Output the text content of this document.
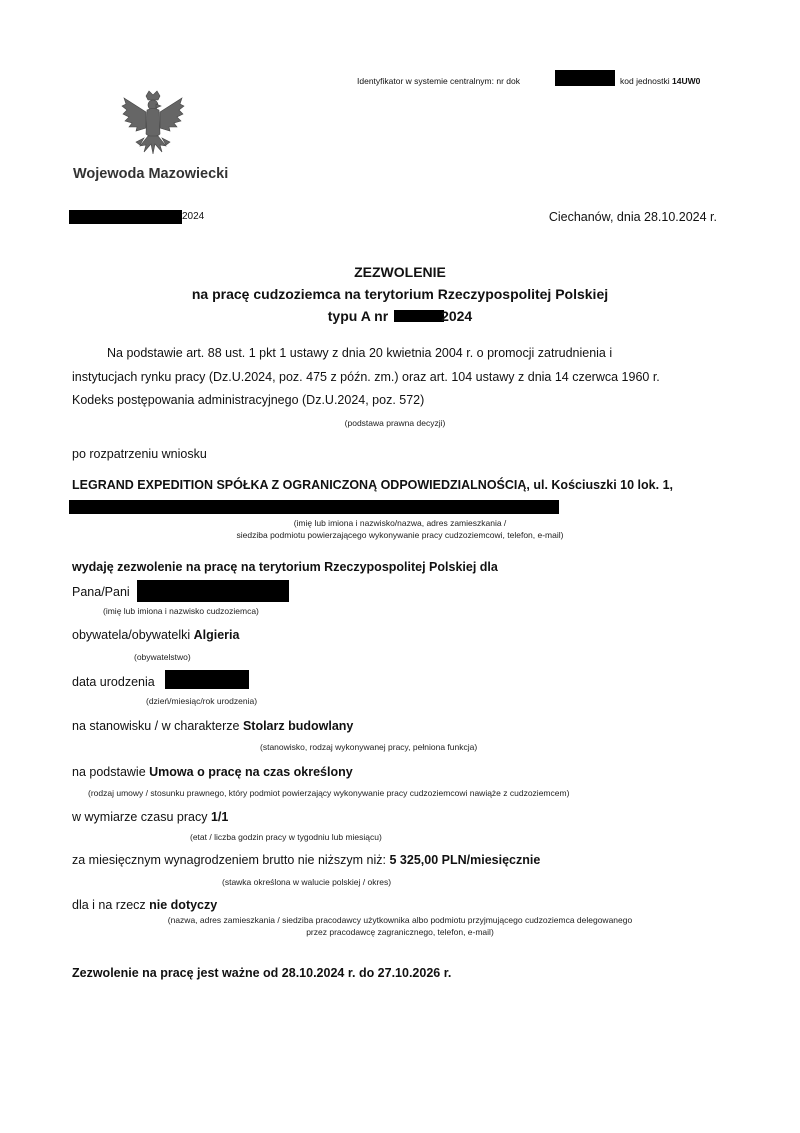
Identyfikator w systemie centralnym: nr dok	kod jednostki 14UW0
Wojewoda Mazowiecki
2024	Ciechanów, dnia 28.10.2024 r.
ZEZWOLENIE
na pracę cudzoziemca na terytorium Rzeczypospolitej Polskiej
typu A nr	2024
Na podstawie art. 88 ust. 1 pkt 1 ustawy z dnia 20 kwietnia 2004 r. o promocji zatrudnienia i
instytucjach rynku pracy (Dz.U.2024, poz. 475 z późn. zm.) oraz art. 104 ustawy z dnia 14 czerwca 1960 r.
Kodeks postępowania administracyjnego (Dz.U.2024, poz. 572)
(podstawa prawna decyzji)
po rozpatrzeniu wniosku
LEGRAND EXPEDITION SPÓŁKA Z OGRANICZONĄ ODPOWIEDZIALNOŚCIĄ, ul. Kościuszki 10 lok. 1,
(imię lub imiona i nazwisko/nazwa, adres zamieszkania /
siedziba podmiotu powierzającego wykonywanie pracy cudzoziemcowi, telefon, e-mail)
wydaję zezwolenie na pracę na terytorium Rzeczypospolitej Polskiej dla
Pana/Pani
(imię lub imiona i nazwisko cudzoziemca)
obywatela/obywatelki Algieria
(obywatelstwo)
data urodzenia
(dzień/miesiąc/rok urodzenia)
na stanowisku / w charakterze Stolarz budowlany
(stanowisko, rodzaj wykonywanej pracy, pełniona funkcja)
na podstawie Umowa o pracę na czas określony
(rodzaj umowy / stosunku prawnego, który podmiot powierzający wykonywanie pracy cudzoziemcowi nawiąże z cudzoziemcem)
w wymiarze czasu pracy 1/1
(etat / liczba godzin pracy w tygodniu lub miesiącu)
za miesięcznym wynagrodzeniem brutto nie niższym niż: 5 325,00 PLN/miesięcznie
(stawka określona w walucie polskiej / okres)
dla i na rzecz nie dotyczy
(nazwa, adres zamieszkania / siedziba pracodawcy użytkownika albo podmiotu przyjmującego cudzoziemca delegowanego
przez pracodawcę zagranicznego, telefon, e-mail)
Zezwolenie na pracę jest ważne od 28.10.2024 r. do 27.10.2026 r.
